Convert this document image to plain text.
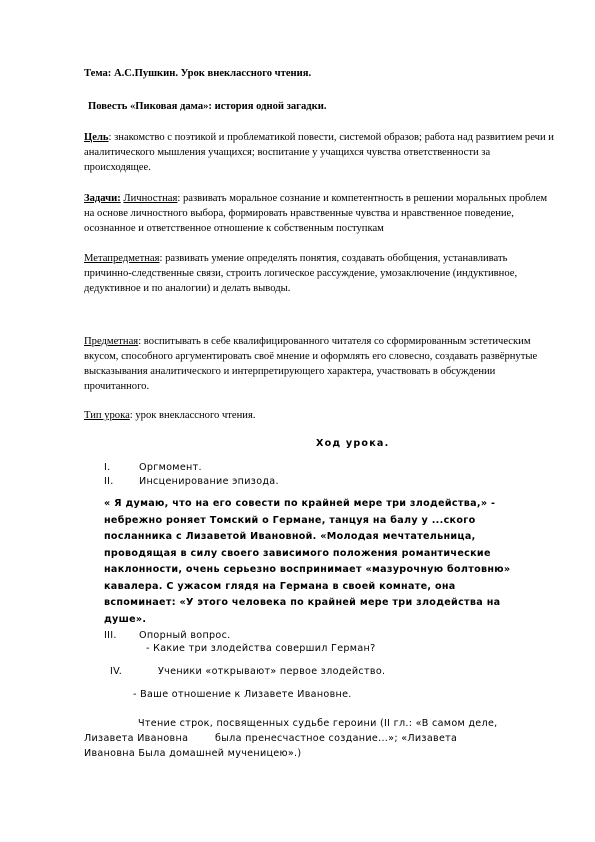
Тема: А.С.Пушкин. Урок внеклассного чтения.
Повесть «Пиковая дама»: история одной загадки.
Цель: знакомство с поэтикой и проблематикой повести, системой образов; работа над развитием речи и аналитического мышления учащихся; воспитание у учащихся чувства ответственности за происходящее.
Задачи: Личностная: развивать моральное сознание и компетентность в решении моральных проблем на основе личностного выбора, формировать нравственные чувства и нравственное поведение, осознанное и ответственное отношение к собственным поступкам
Метапредметная: развивать умение определять понятия, создавать обобщения, устанавливать причинно-следственные связи, строить логическое рассуждение, умозаключение (индуктивное, дедуктивное и по аналогии) и делать выводы.
Предметная: воспитывать в себе квалифицированного читателя со сформированным эстетическим вкусом, способного аргументировать своё мнение и оформлять его словесно, создавать развёрнутые высказывания аналитического и интерпретирующего характера, участвовать в обсуждении прочитанного.
Тип урока: урок внеклассного чтения.
Ход урока.
I.	Оргмомент.
II.	Инсценирование эпизода.
« Я думаю, что на его совести по крайней мере три злодейства,» -
небрежно роняет Томский о Германе, танцуя на балу у ...ского
посланника с Лизаветой Ивановной. «Молодая мечтательница,
проводящая в силу своего зависимого положения романтические
наклонности, очень серьезно воспринимает «мазурочную болтовню»
кавалера. С ужасом глядя на Германа в своей комнате, она
вспоминает: «У этого человека по крайней мере три злодейства на
душе».
III. Опорный вопрос.
- Какие три злодейства совершил Герман?
IV.	Ученики «открывают» первое злодейство.
- Ваше отношение к Лизавете Ивановне.
Чтение строк, посвященных судьбе героини (II гл.: «В самом деле,
Лизавета Ивановна        была пренесчастное создание...»; «Лизавета
Ивановна Была домашней мученицею».)
